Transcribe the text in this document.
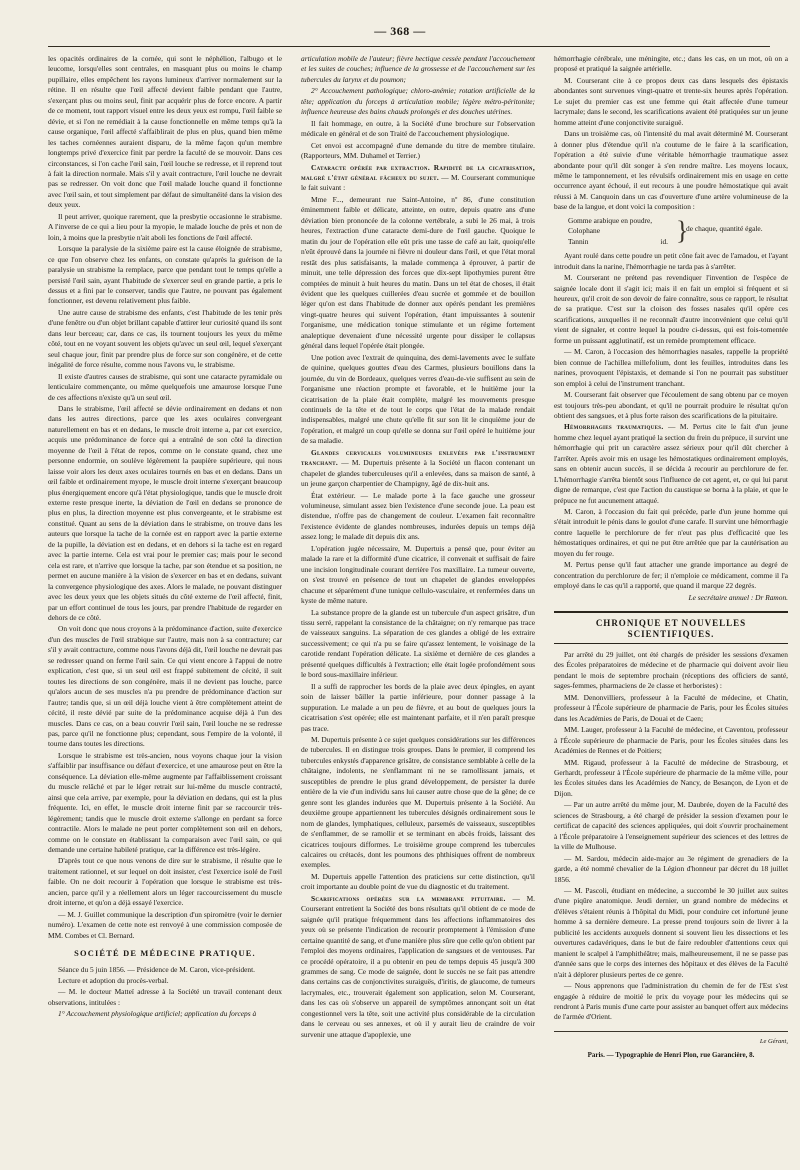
— 368 —

les opacités ordinaires de la cornée, qui sont le néphélion, l'albugo et le leucome, lorsqu'elles sont centrales, en masquant plus ou moins le champ pupillaire, elles empêchent les rayons lumineux d'arriver normalement sur la rétine. Il en résulte que l'œil affecté devient faible pendant que l'autre, s'exerçant plus ou moins seul, finit par acquérir plus de force encore. A partir de ce moment, tout rapport visuel entre les deux yeux est rompu, l'œil faible se dévie, et si l'on ne remédiait à la cause fonctionnelle en même temps qu'à la cause organique, l'œil affecté s'affaiblirait de plus en plus, quand bien même les taches cornéennes auraient disparu, de la même façon qu'un membre longtemps privé d'exercice finit par perdre la faculté de se mouvoir. Dans ces circonstances, si l'on cache l'œil sain, l'œil louche se redresse, et il reprend tout à fait la direction normale. Mais s'il y avait contracture, l'œil louche ne devrait pas se redresser. On voit donc que l'œil malade louche quand il fonctionne avec l'œil sain, et tout simplement par défaut de simultanéité dans la vision des deux yeux.

Il peut arriver, quoique rarement, que la presbytie occasionne le strabisme. A l'inverse de ce qui a lieu pour la myopie, le malade louche de près et non de loin, à moins que la presbytie n'ait aboli les fonctions de l'œil affecté.

Lorsque la paralysie de la sixième paire est la cause éloignée de strabisme, ce que l'on observe chez les enfants, on constate qu'après la guérison de la paralysie un strabisme la remplace, parce que pendant tout le temps qu'elle a persisté l'œil sain, ayant l'habitude de s'exercer seul en grande partie, a pris le dessus et a fini par le conserver, tandis que l'autre, ne pouvant pas également fonctionner, est devenu relativement plus faible.

Une autre cause de strabisme des enfants, c'est l'habitude de les tenir près d'une fenêtre ou d'un objet brillant capable d'attirer leur curiosité quand ils sont dans leur berceau; car, dans ce cas, ils tournent toujours les yeux du même côté, tout en ne voyant souvent les objets qu'avec un seul œil, lequel s'exerçant seul chaque jour, finit par prendre plus de force sur son congénère, et de cette inégalité de force résulte, comme nous l'avons vu, le strabisme.

Il existe d'autres causes de strabisme, qui sont une cataracte pyramidale ou lenticulaire commençante, ou même quelquefois une amaurose lorsque l'une de ces affections n'existe qu'à un seul œil.

Dans le strabisme, l'œil affecté se dévie ordinairement en dedans et non dans les autres directions, parce que les axes oculaires convergeant naturellement en bas et en dedans, le muscle droit interne a, par cet exercice, acquis une prédominance de force qui a entraîné de son côté la direction moyenne de l'œil à l'état de repos, comme on le constate quand, chez une personne endormie, on soulève légèrement la paupière supérieure, qui nous laisse voir alors les deux axes oculaires tournés en bas et en dedans. Dans un œil faible et ordinairement myope, le muscle droit interne s'exerçant beaucoup plus énergiquement encore qu'à l'état physiologique, tandis que le muscle droit externe reste presque inerte, la déviation de l'œil en dedans se prononce de plus en plus, la direction moyenne est plus convergeante, et le strabisme est constitué. Quant au sens de la déviation dans le strabisme, on trouve dans les auteurs que lorsque la tache de la cornée est en rapport avec la partie externe de la pupille, la déviation est en dedans, et en dehors si la tache est en regard avec la partie interne. Cela est vrai pour le premier cas; mais pour le second cela est rare, et n'arrive que lorsque la tache, par son étendue et sa position, ne permet en aucune manière à la vision de s'exercer en bas et en dedans, suivant la convergence physiologique des axes. Alors le malade, ne pouvant distinguer avec les deux yeux que les objets situés du côté externe de l'œil affecté, finit, par un effort continuel de tous les jours, par prendre l'habitude de regarder en dehors de ce côté.

On voit donc que nous croyons à la prédominance d'action, suite d'exercice d'un des muscles de l'œil strabique sur l'autre, mais non à sa contracture; car s'il y avait contracture, comme nous l'avons déjà dit, l'œil louche ne devrait pas se redresser quand on ferme l'œil sain. Ce qui vient encore à l'appui de notre explication, c'est que, si un seul œil est frappé subitement de cécité, il suit toutes les directions de son congénère, mais il ne devient pas louche, parce qu'alors aucun de ses muscles n'a pu prendre de prédominance d'action sur l'autre; tandis que, si un œil déjà louche vient à être complètement atteint de cécité, il reste dévié par suite de la prédominance acquise déjà à l'un des muscles. Dans ce cas, on a beau couvrir l'œil sain, l'œil louche ne se redresse pas, parce qu'il ne fonctionne plus; cependant, sous l'empire de la volonté, il tourne dans toutes les directions.

Lorsque le strabisme est très-ancien, nous voyons chaque jour la vision s'affaiblir par insuffisance ou défaut d'exercice, et une amaurose peut en être la conséquence. La déviation elle-même augmente par l'affaiblissement croissant du muscle relâché et par le léger retrait sur lui-même du muscle contracté, ainsi que cela arrive, par exemple, pour la déviation en dedans, qui est la plus fréquente. Ici, en effet, le muscle droit interne finit par se raccourcir très-légèrement; tandis que le muscle droit externe s'allonge en perdant sa force contractile. Alors le malade ne peut porter complètement son œil en dehors, comme on le constate en établissant la comparaison avec l'œil sain, ce qui demande une certaine habileté pratique, car la différence est très-légère.

D'après tout ce que nous venons de dire sur le strabisme, il résulte que le traitement rationnel, et sur lequel on doit insister, c'est l'exercice isolé de l'œil faible. On ne doit recourir à l'opération que lorsque le strabisme est très-ancien, parce qu'il y a réellement alors un léger raccourcissement du muscle droit interne, et qu'on a déjà essayé l'exercice.

— M. J. Guillet communique la description d'un spiromètre (voir le dernier numéro). L'examen de cette note est renvoyé à une commission composée de MM. Combes et Cl. Bernard.

SOCIÉTÉ DE MÉDECINE PRATIQUE.

Séance du 5 juin 1856. — Présidence de M. Caron, vice-président.

Lecture et adoption du procès-verbal.

— M. le docteur Matteï adresse à la Société un travail contenant deux observations, intitulées :

1° Accouchement physiologique artificiel; application du forceps à

articulation mobile de l'auteur; fièvre hectique cessée pendant l'accouchement et les suites de couches; influence de la grossesse et de l'accouchement sur les tubercules du larynx et du poumon;

2° Accouchement pathologique; chloro-anémie; rotation artificielle de la tête; application du forceps à articulation mobile; légère métro-péritonite; influence heureuse des bains chauds prolongés et des douches utérines.

Il fait hommage, en outre, à la Société d'une brochure sur l'observation médicale en général et de son Traité de l'accouchement physiologique.

Cet envoi est accompagné d'une demande du titre de membre titulaire. (Rapporteurs, MM. Duhamel et Terrier.)

Cataracte opérée par extraction. Rapidité de la cicatrisation, malgré l'état général fâcheux du sujet. — M. Courserant communique le fait suivant :

Mme F..., demeurant rue Saint-Antoine, nº 86, d'une constitution éminemment faible et délicate, atteinte, en outre, depuis quatre ans d'une déviation bien prononcée de la colonne vertébrale, a subi le 26 mai, à trois heures, l'extraction d'une cataracte demi-dure de l'œil gauche. Quoique le matin du jour de l'opération elle eût pris une tasse de café au lait, quoiqu'elle n'eût éprouvé dans la journée ni fièvre ni douleur dans l'œil, et que l'état moral restât des plus satisfaisants, la malade commença à éprouver, à partir de minuit, une telle dépression des forces que dix-sept lipothymies purent être comptées de minuit à huit heures du matin. Dans un tel état de choses, il était évident que les quelques cuillerées d'eau sucrée et gommée et de bouillon léger qu'on est dans l'habitude de donner aux opérés pendant les premières vingt-quatre heures qui suivent l'opération, étant impuissantes à soutenir l'organisme, une médication tonique stimulante et un régime fortement analeptique devenaient d'une nécessité urgente pour dissiper le collapsus général dans lequel l'opérée était plongée.

Une potion avec l'extrait de quinquina, des demi-lavements avec le sulfate de quinine, quelques gouttes d'eau des Carmes, plusieurs bouillons dans la journée, du vin de Bordeaux, quelques verres d'eau-de-vie suffisent au sein de l'organisme une réaction prompte et favorable, et le huitième jour la cicatrisation de la plaie était complète, malgré les mouvements presque continuels de la tête et de tout le corps que l'état de la malade rendait indispensables, malgré une chute qu'elle fit sur son lit le cinquième jour de l'opération, et malgré un coup qu'elle se donna sur l'œil opéré le huitième jour de sa maladie.

Glandes cervicales volumineuses enlevées par l'instrument tranchant. — M. Dupertuis présente à la Société un flacon contenant un chapelet de glandes tuberculeuses qu'il a enlevées, dans sa maison de santé, à un jeune garçon charpentier de Champigny, âgé de dix-huit ans.

État extérieur. — Le malade porte à la face gauche une grosseur volumineuse, simulant assez bien l'existence d'une seconde joue. La peau est distendue, n'offre pas de changement de couleur. L'examen fait reconnaître l'existence évidente de glandes nombreuses, indurées depuis un temps déjà assez long; le malade dit depuis dix ans.

L'opération jugée nécessaire, M. Dupertuis a pensé que, pour éviter au malade la rare et la difformité d'une cicatrice, il convenait et suffisait de faire une incision longitudinale courant derrière l'os maxillaire. La tumeur ouverte, on s'est trouvé en présence de tout un chapelet de glandes enveloppées chacune et séparément d'une tunique cellulo-vasculaire, et renfermées dans un kyste de même nature.

La substance propre de la glande est un tubercule d'un aspect grisâtre, d'un tissu serré, rappelant la consistance de la châtaigne; on n'y remarque pas trace de vaisseaux sanguins. La séparation de ces glandes a obligé de les extraire successivement; ce qui n'a pu se faire qu'assez lentement, le voisinage de la carotide rendant l'opération délicate. La sixième et dernière de ces glandes a présenté quelques difficultés à l'extraction; elle était logée profondément sous le bord sous-maxillaire inférieur.

Il a suffi de rapprocher les bords de la plaie avec deux épingles, en ayant soin de laisser bâiller la partie inférieure, pour donner passage à la suppuration. Le malade a un peu de fièvre, et au bout de quelques jours la cicatrisation s'est opérée; elle est maintenant parfaite, et il n'en paraît presque pas trace.

M. Dupertuis présente à ce sujet quelques considérations sur les différences de tubercules. Il en distingue trois groupes. Dans le premier, il comprend les tubercules enkystés d'apparence grisâtre, de consistance semblable à celle de la châtaigne, indolents, ne s'enflammant ni ne se ramollissant jamais, et susceptibles de prendre le plus grand développement, de persister la durée entière de la vie d'un individu sans lui causer autre chose que de la gêne; de ce genre sont les glandes indurées que M. Dupertuis présente à la Société. Au deuxième groupe appartiennent les tubercules désignés ordinairement sous le nom de glandes, lymphatiques, celluleux, parsemés de vaisseaux, susceptibles de s'enflammer, de se ramollir et se terminant en abcès froids, laissant des cicatrices toujours difformes. Le troisième groupe comprend les tubercules calcaires ou crétacés, dont les poumons des phthisiques offrent de nombreux exemples.

M. Dupertuis appelle l'attention des praticiens sur cette distinction, qu'il croit importante au double point de vue du diagnostic et du traitement.

Scarifications opérées sur la membrane pituitaire. — M. Courserant entretient la Société des bons résultats qu'il obtient de ce mode de saignée qu'il pratique fréquemment dans les affections inflammatoires des yeux où se présente l'indication de recourir promptement à l'émission d'une certaine quantité de sang, et d'une manière plus sûre que celle qu'on obtient par l'emploi des moyens ordinaires, l'application de sangsues et de ventouses. Par ce procédé opératoire, il a pu obtenir en peu de temps depuis 45 jusqu'à 300 grammes de sang. Ce mode de saignée, dont le succès ne se fait pas attendre dans certains cas de conjonctivites suraiguës, d'iritis, de glaucome, de tumeurs lacrymales, etc., trouverait également son application, selon M. Courserant, dans les cas où s'observe un appareil de symptômes annonçant soit un état congestionnel vers la tête, soit une activité plus considérable de la circulation dans le cerveau ou ses annexes, et où il y aurait lieu de craindre de voir survenir une attaque d'apoplexie, une

hémorrhagie cérébrale, une méningite, etc.; dans les cas, en un mot, où on a proposé et pratiqué la saignée artérielle.

M. Courserant cite à ce propos deux cas dans lesquels des épistaxis abondantes sont survenues vingt-quatre et trente-six heures après l'opération. Le sujet du premier cas est une femme qui était affectée d'une tumeur lacrymale; dans le second, les scarifications avaient été pratiquées sur un jeune homme atteint d'une conjonctivite suraiguë.

Dans un troisième cas, où l'intensité du mal avait déterminé M. Courserant à donner plus d'étendue qu'il n'a coutume de le faire à la scarification, l'opération a été suivie d'une véritable hémorrhagie traumatique assez abondante pour qu'il dût songer à s'en rendre maître. Les moyens locaux, même le tamponnement, et les révulsifs ordinairement mis en usage en cette occurrence ayant échoué, il eut recours à une poudre hémostatique qui avait réussi à M. Canquoin dans un cas d'ouverture d'une artère volumineuse de la base de la langue, et dont voici la composition :

Gomme arabique en poudre,
Colophane
Tannin	id. }
de chaque, quantité égale.

Ayant roulé dans cette poudre un petit cône fait avec de l'amadou, et l'ayant introduit dans la narine, l'hémorrhagie ne tarda pas à s'arrêter.

M. Courserant ne prétend pas revendiquer l'invention de l'espèce de saignée locale dont il s'agit ici; mais il en fait un emploi si fréquent et si heureux, qu'il croit de son devoir de faire connaître, sous ce rapport, le résultat de sa pratique. C'est sur la cloison des fosses nasales qu'il opère ces scarifications, auxquelles il ne reconnaît d'autre inconvénient que celui qu'il vient de signaler, et contre lequel la poudre ci-dessus, qui est fois-tomentée forme un puissant agglutinatif, est un remède promptement efficace.

— M. Caron, à l'occasion des hémorrhagies nasales, rappelle la propriété bien connue de l'achillea millefolium, dont les feuilles, introduites dans les narines, provoquent l'épistaxis, et demande si l'on ne pourrait pas substituer son emploi à celui de l'instrument tranchant.

M. Courserant fait observer que l'écoulement de sang obtenu par ce moyen est toujours très-peu abondant, et qu'il ne pourrait produire le résultat qu'on obtient des sangsues, et à plus forte raison des scarifications de la pituitaire.

Hémorrhagies traumatiques. — M. Pertus cite le fait d'un jeune homme chez lequel ayant pratiqué la section du frein du prépuce, il survint une hémorrhagie qui prit un caractère assez sérieux pour qu'il dût chercher à l'arrêter. Après avoir mis en usage les hémostatiques ordinairement employés, sans en obtenir aucun succès, il se décida à recourir au perchlorure de fer. L'hémorrhagie s'arrêta bientôt sous l'influence de cet agent, et, ce qui lui parut digne de remarque, c'est que l'action du caustique se borna à la plaie, et que le prépuce ne fut aucunement attaqué.

M. Caron, à l'occasion du fait qui précède, parle d'un jeune homme qui s'était introduit le pénis dans le goulot d'une carafe. Il survint une hémorrhagie contre laquelle le perchlorure de fer n'eut pas plus d'efficacité que les hémostatiques ordinaires, et qui ne put être arrêtée que par la cautérisation au moyen du fer rouge.

M. Pertus pense qu'il faut attacher une grande importance au degré de concentration du perchlorure de fer; il n'emploie ce médicament, comme il l'a employé dans le cas qu'il a rapporté, que quand il marque 22 degrés.

Le secrétaire annuel : Dr Ramon.

CHRONIQUE ET NOUVELLES SCIENTIFIQUES.

Par arrêté du 29 juillet, ont été chargés de présider les sessions d'examen des Écoles préparatoires de médecine et de pharmacie qui doivent avoir lieu pendant le mois de septembre prochain (réceptions des officiers de santé, sages-femmes, pharmaciens de 2e classe et herboristes) :

MM. Denonvilliers, professeur à la Faculté de médecine, et Chatin, professeur à l'École supérieure de pharmacie de Paris, pour les Écoles situées dans les Académies de Paris, de Douai et de Caen;

MM. Lauger, professeur à la Faculté de médecine, et Caventou, professeur à l'École supérieure de pharmacie de Paris, pour les Écoles situées dans les Académies de Rennes et de Poitiers;

MM. Rigaud, professeur à la Faculté de médecine de Strasbourg, et Gerhardt, professeur à l'École supérieure de pharmacie de la même ville, pour les Écoles situées dans les Académies de Nancy, de Besançon, de Lyon et de Dijon.

— Par un autre arrêté du même jour, M. Daubrée, doyen de la Faculté des sciences de Strasbourg, a été chargé de présider la session d'examen pour le certificat de capacité des sciences appliquées, qui doit s'ouvrir prochainement à l'École préparatoire à l'enseignement supérieur des sciences et des lettres de la ville de Mulhouse.

— M. Sardou, médecin aide-major au 3e régiment de grenadiers de la garde, a été nommé chevalier de la Légion d'honneur par décret du 18 juillet 1856.

— M. Pascoli, étudiant en médecine, a succombé le 30 juillet aux suites d'une piqûre anatomique. Jeudi dernier, un grand nombre de médecins et d'élèves s'étaient réunis à l'hôpital du Midi, pour conduire cet infortuné jeune homme à sa dernière demeure. La presse prend toujours soin de livrer à la publicité les accidents auxquels donnent si souvent lieu les dissections et les ouvertures cadavériques, dans le but de faire redoubler d'attentions ceux qui manient le scalpel à l'amphithéâtre; mais, malheureusement, il ne se passe pas d'année sans que le corps des internes des hôpitaux et des élèves de la Faculté n'ait à déplorer plusieurs pertes de ce genre.

— Nous apprenons que l'administration du chemin de fer de l'Est s'est engagée à réduire de moitié le prix du voyage pour les médecins qui se rendront à Paris munis d'une carte pour assister au banquet offert aux médecins de l'armée d'Orient.

Le Gérant,
Paris. — Typographie de Henri Plon, rue Garancière, 8.
